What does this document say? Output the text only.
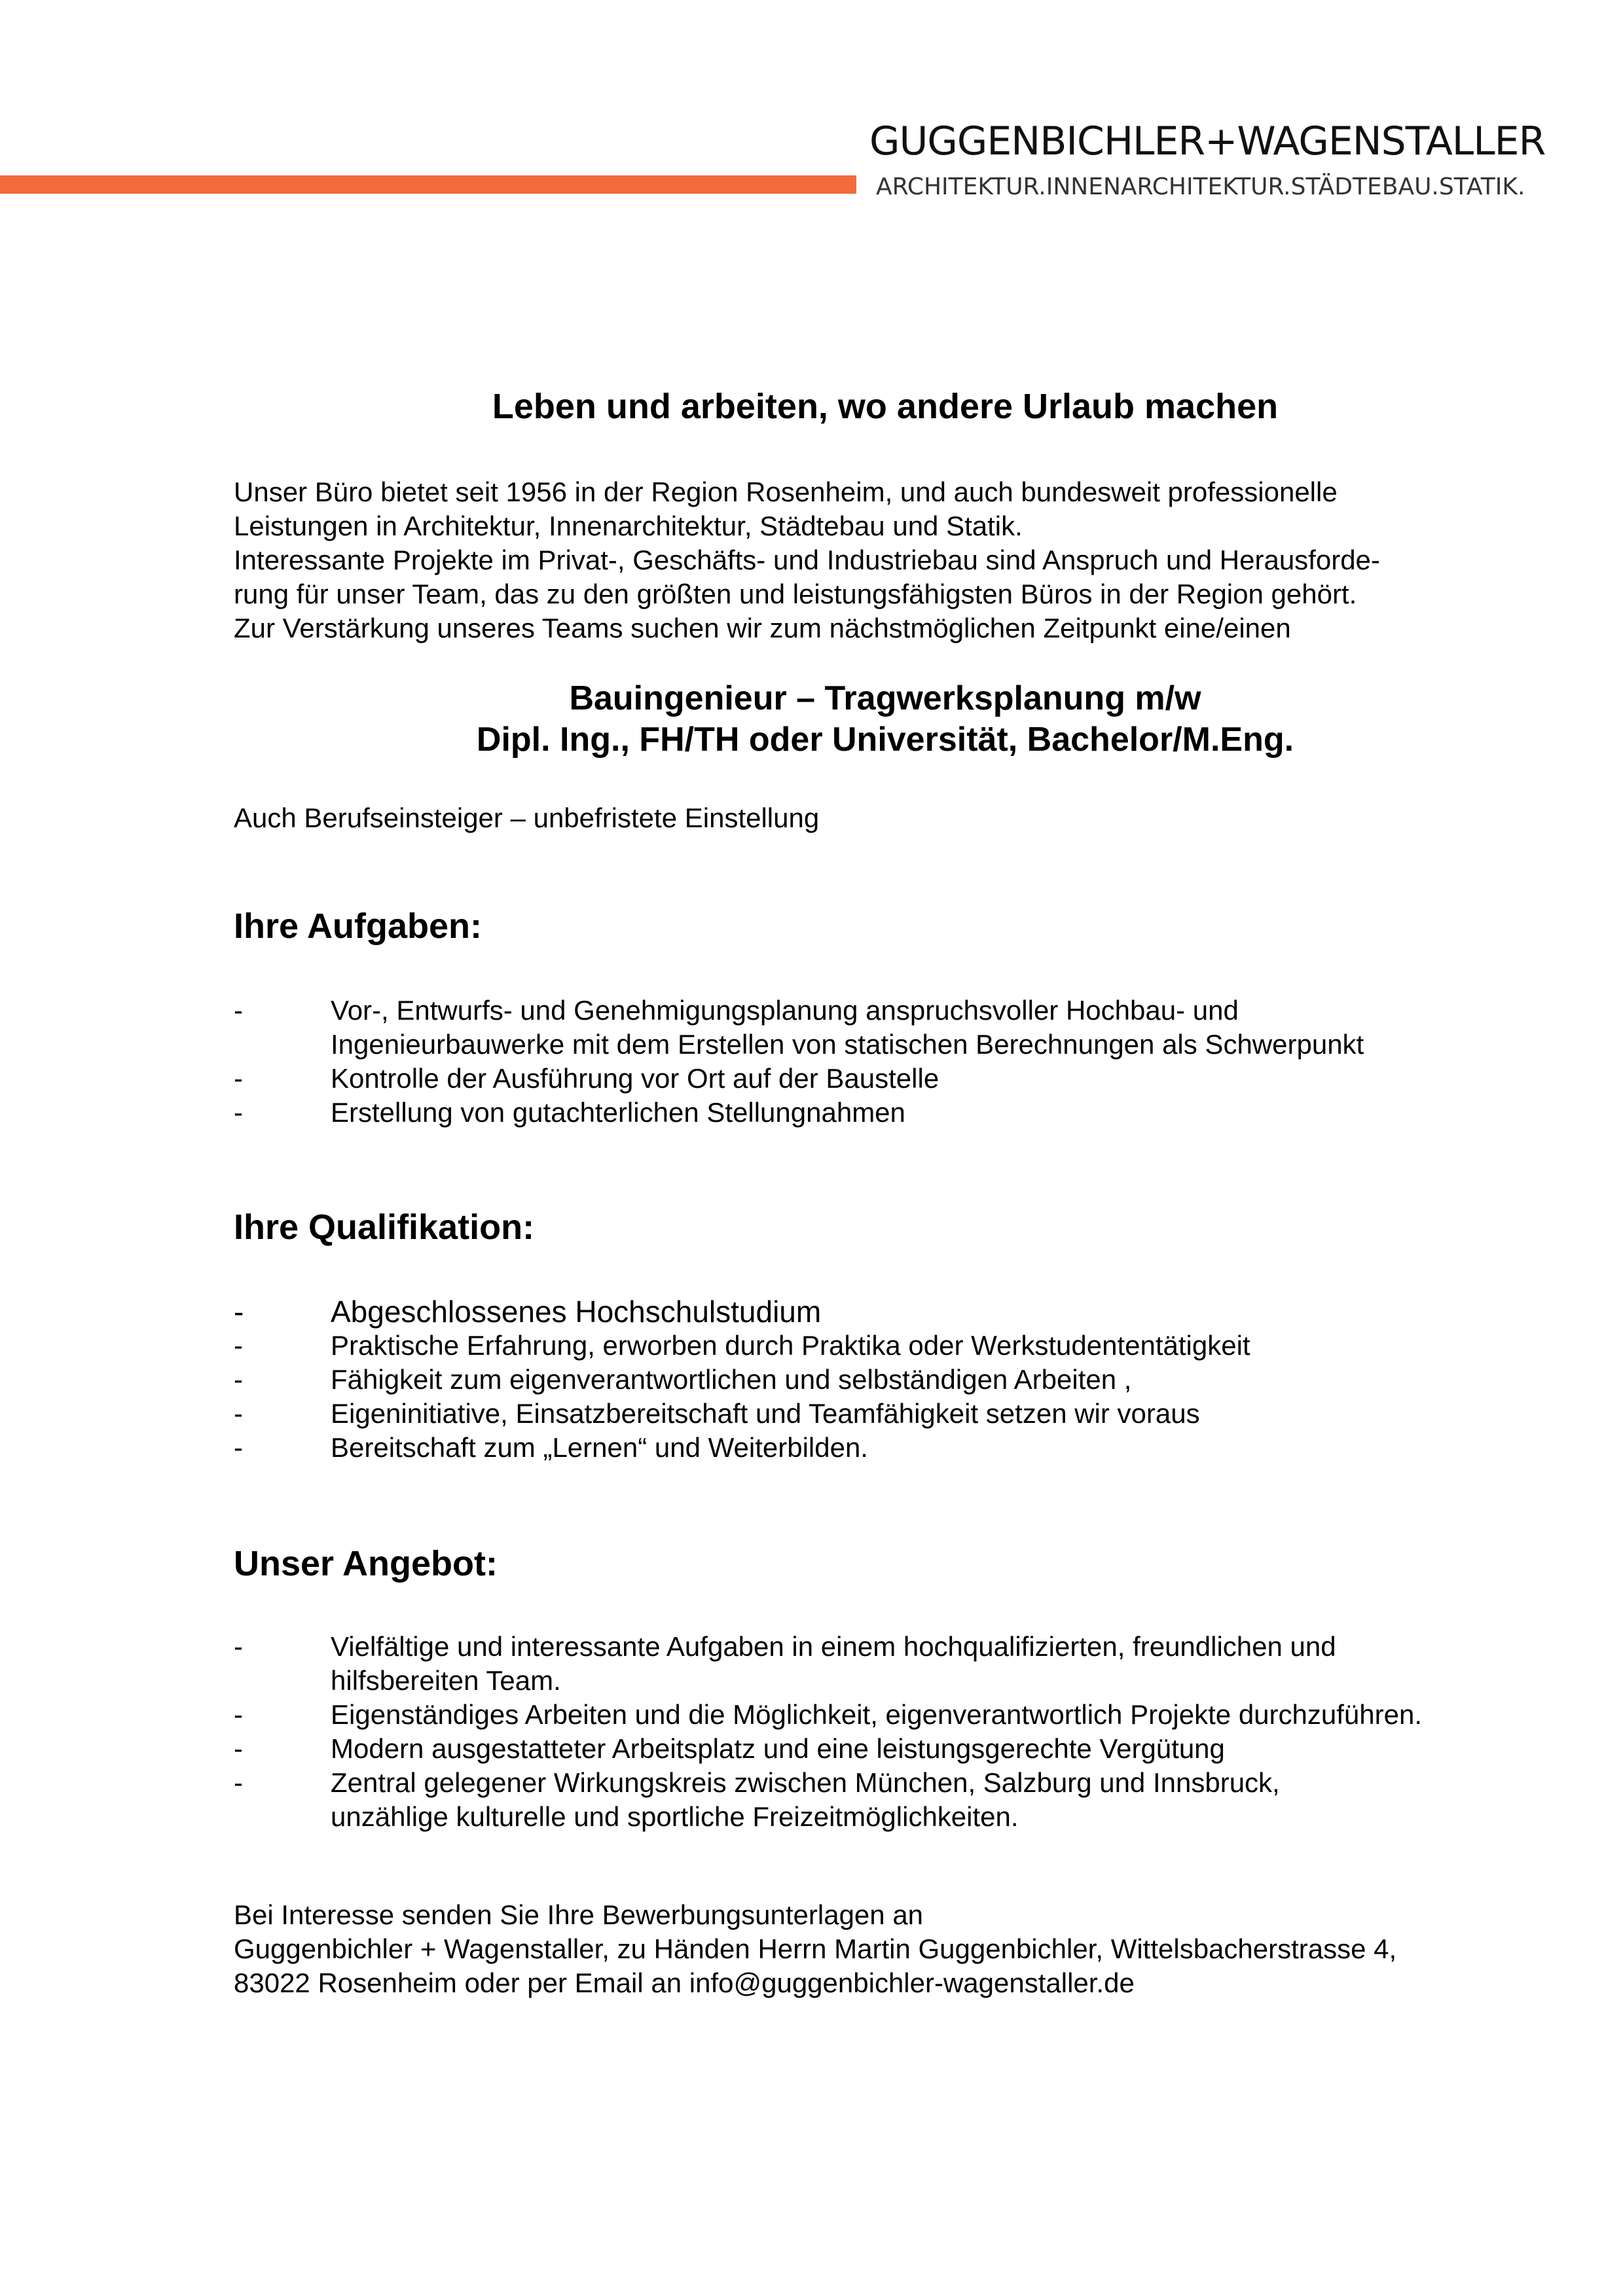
GUGGENBICHLER+WAGENSTALLER
ARCHITEKTUR.INNENARCHITEKTUR.STÄDTEBAU.STATIK.
Leben und arbeiten, wo andere Urlaub machen

Unser Büro bietet seit 1956 in der Region Rosenheim, und auch bundesweit professionelle

Leistungen in Architektur, Innenarchitektur, Städtebau und Statik.

Interessante Projekte im Privat-, Geschäfts- und Industriebau sind Anspruch und Herausforde-

rung für unser Team, das zu den größten und leistungsfähigsten Büros in der Region gehört.

Zur Verstärkung unseres Teams suchen wir zum nächstmöglichen Zeitpunkt eine/einen

Bauingenieur – Tragwerksplanung m/w
Dipl. Ing., FH/TH oder Universität, Bachelor/M.Eng.
Auch Berufseinsteiger – unbefristete Einstellung
Ihre Aufgaben:
-	Vor-, Entwurfs- und Genehmigungsplanung anspruchsvoller Hochbau- und
Ingenieurbauwerke mit dem Erstellen von statischen Berechnungen als Schwerpunkt
-	Kontrolle der Ausführung vor Ort auf der Baustelle
-	Erstellung von gutachterlichen Stellungnahmen
Ihre Qualifikation:
-	Abgeschlossenes Hochschulstudium
-	Praktische Erfahrung, erworben durch Praktika oder Werkstudententätigkeit
-	Fähigkeit zum eigenverantwortlichen und selbständigen Arbeiten ,
-	Eigeninitiative, Einsatzbereitschaft und Teamfähigkeit setzen wir voraus
-	Bereitschaft zum „Lernen“ und Weiterbilden.
Unser Angebot:
-	Vielfältige und interessante Aufgaben in einem hochqualifizierten, freundlichen und
hilfsbereiten Team.
-	Eigenständiges Arbeiten und die Möglichkeit, eigenverantwortlich Projekte durchzuführen.
-	Modern ausgestatteter Arbeitsplatz und eine leistungsgerechte Vergütung
-	Zentral gelegener Wirkungskreis zwischen München, Salzburg und Innsbruck,
unzählige kulturelle und sportliche Freizeitmöglichkeiten.

Bei Interesse senden Sie Ihre Bewerbungsunterlagen an

Guggenbichler + Wagenstaller, zu Händen Herrn Martin Guggenbichler, Wittelsbacherstrasse 4,

83022 Rosenheim oder per Email an info@guggenbichler-wagenstaller.de
